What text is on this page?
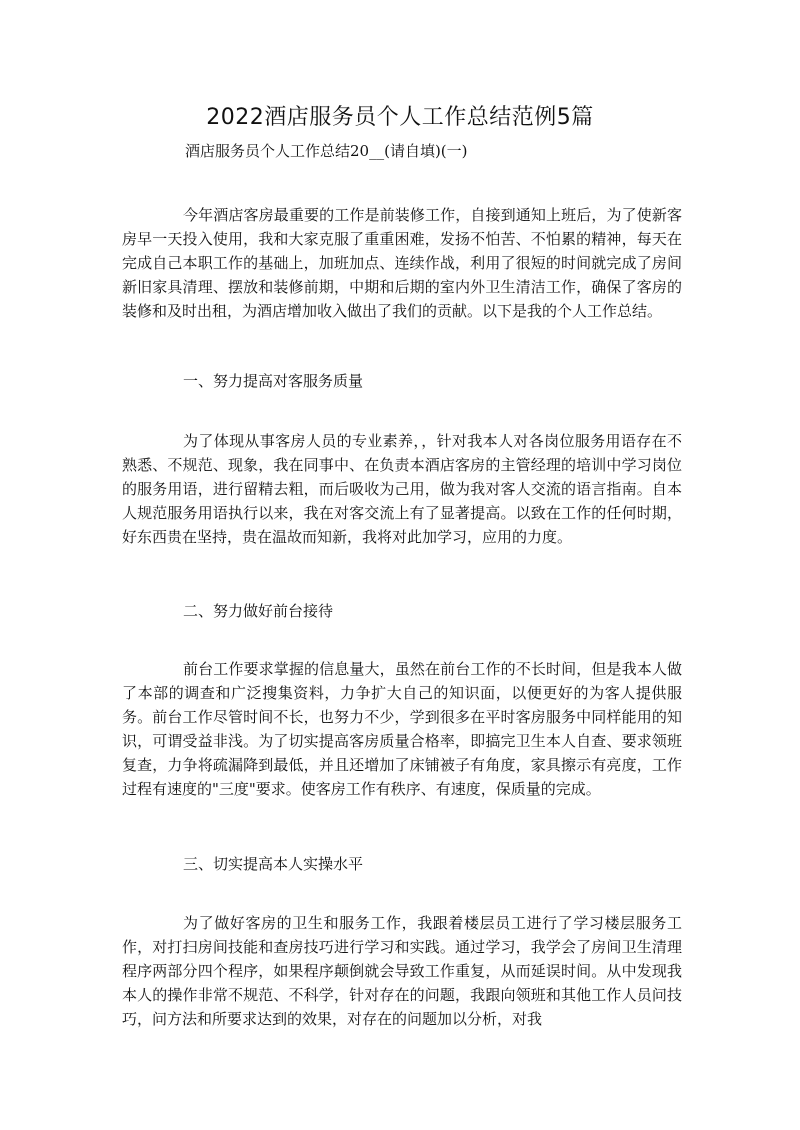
2022酒店服务员个人工作总结范例5篇

酒店服务员个人工作总结20__(请自填)(一)

今年酒店客房最重要的工作是前装修工作，自接到通知上班后，为了使新客房早一天投入使用，我和大家克服了重重困难，发扬不怕苦、不怕累的精神，每天在完成自己本职工作的基础上，加班加点、连续作战，利用了很短的时间就完成了房间新旧家具清理、摆放和装修前期，中期和后期的室内外卫生清洁工作，确保了客房的装修和及时出租，为酒店增加收入做出了我们的贡献。以下是我的个人工作总结。

一、努力提高对客服务质量

为了体现从事客房人员的专业素养，，针对我本人对各岗位服务用语存在不熟悉、不规范、现象，我在同事中、在负责本酒店客房的主管经理的培训中学习岗位的服务用语，进行留精去粗，而后吸收为己用，做为我对客人交流的语言指南。自本人规范服务用语执行以来，我在对客交流上有了显著提高。以致在工作的任何时期，好东西贵在坚持，贵在温故而知新，我将对此加学习，应用的力度。

二、努力做好前台接待

前台工作要求掌握的信息量大，虽然在前台工作的不长时间，但是我本人做了本部的调查和广泛搜集资料，力争扩大自己的知识面，以便更好的为客人提供服务。前台工作尽管时间不长，也努力不少，学到很多在平时客房服务中同样能用的知识，可谓受益非浅。为了切实提高客房质量合格率，即搞完卫生本人自查、要求领班复查，力争将疏漏降到最低，并且还增加了床铺被子有角度，家具擦示有亮度，工作过程有速度的"三度"要求。使客房工作有秩序、有速度，保质量的完成。

三、切实提高本人实操水平

为了做好客房的卫生和服务工作，我跟着楼层员工进行了学习楼层服务工作，对打扫房间技能和查房技巧进行学习和实践。通过学习，我学会了房间卫生清理程序两部分四个程序，如果程序颠倒就会导致工作重复，从而延误时间。从中发现我本人的操作非常不规范、不科学，针对存在的问题，我跟向领班和其他工作人员问技巧，问方法和所要求达到的效果，对存在的问题加以分析，对我
